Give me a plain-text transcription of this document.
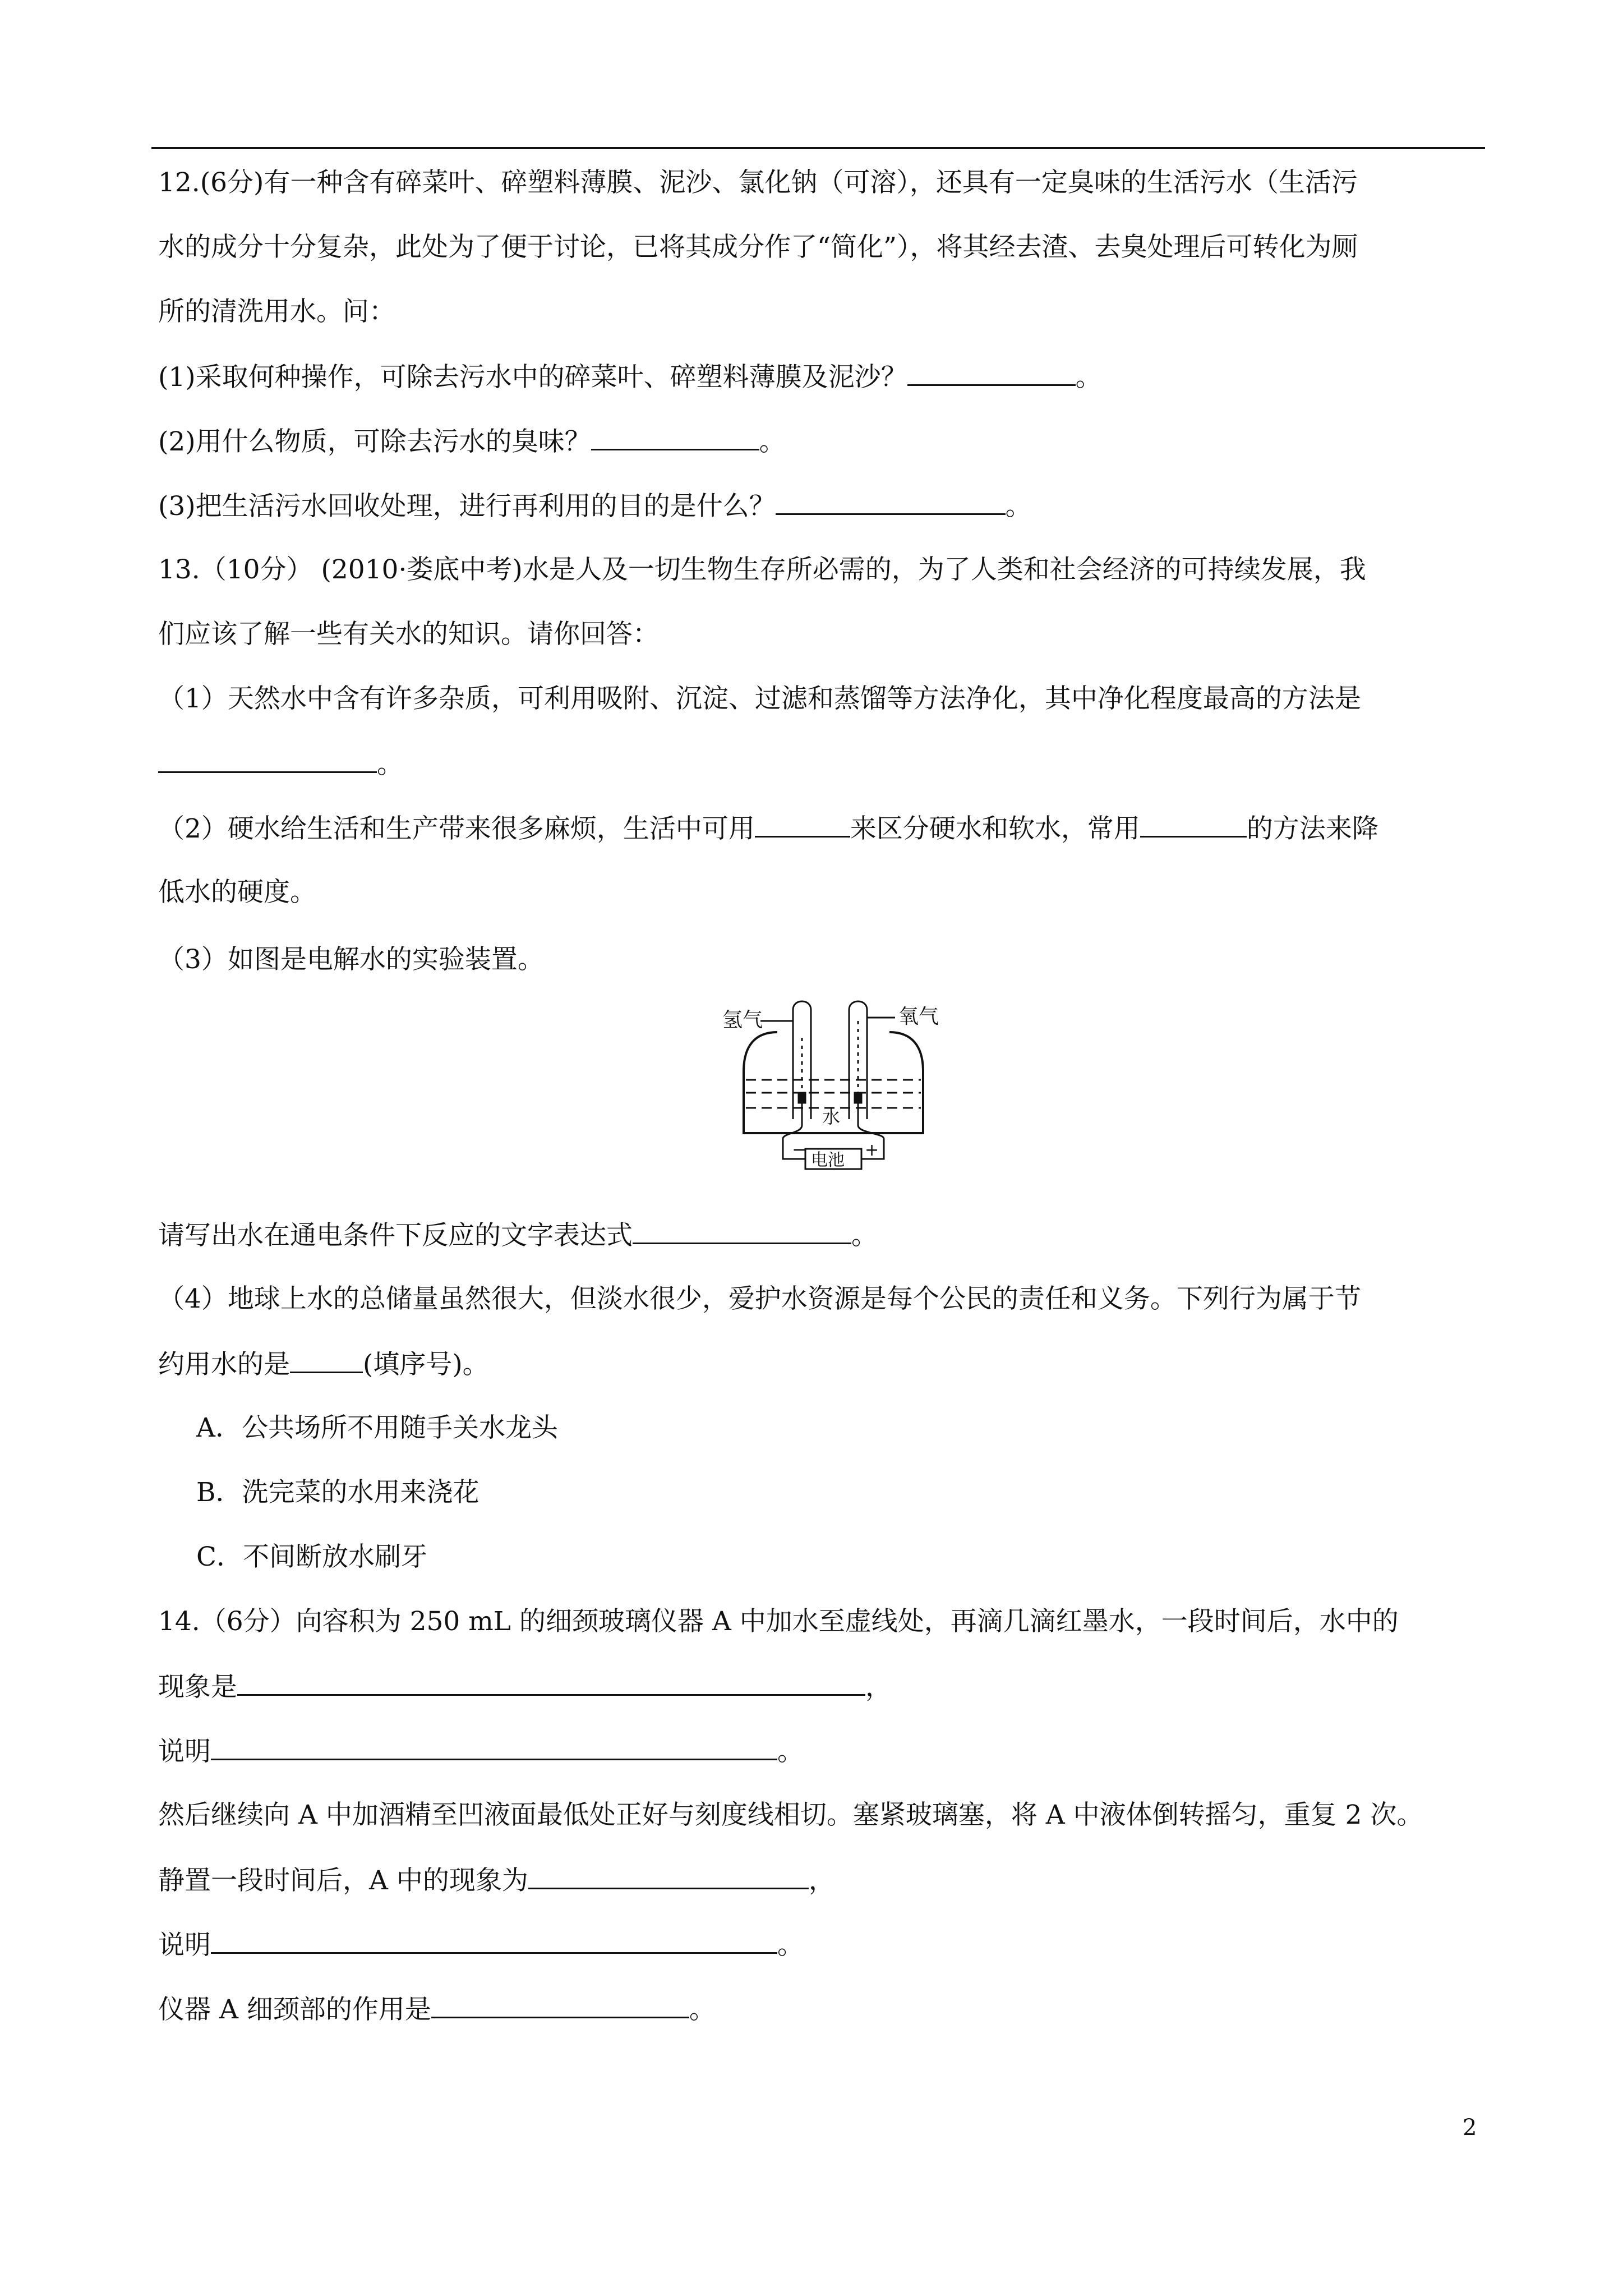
12.(6分)有一种含有碎菜叶、碎塑料薄膜、泥沙、氯化钠（可溶），还具有一定臭味的生活污水（生活污
水的成分十分复杂，此处为了便于讨论，已将其成分作了“简化”），将其经去渣、去臭处理后可转化为厕
所的清洗用水。问：
(1)采取何种操作，可除去污水中的碎菜叶、碎塑料薄膜及泥沙？	。
(2)用什么物质，可除去污水的臭味？	。
(3)把生活污水回收处理，进行再利用的目的是什么？	。
13.（10分） (2010·娄底中考)水是人及一切生物生存所必需的，为了人类和社会经济的可持续发展，我
们应该了解一些有关水的知识。请你回答：
（1）天然水中含有许多杂质，可利用吸附、沉淀、过滤和蒸馏等方法净化，其中净化程度最高的方法是
。
（2）硬水给生活和生产带来很多麻烦，生活中可用	来区分硬水和软水，常用	的方法来降
低水的硬度。
（3）如图是电解水的实验装置。
氢气	氧气
水
电池
−	+
请写出水在通电条件下反应的文字表达式	。
（4）地球上水的总储量虽然很大，但淡水很少，爱护水资源是每个公民的责任和义务。下列行为属于节
约用水的是	(填序号)。
A．公共场所不用随手关水龙头
B．洗完菜的水用来浇花
C．不间断放水刷牙
14.（6分）向容积为 250 mL 的细颈玻璃仪器 A 中加水至虚线处，再滴几滴红墨水，一段时间后，水中的
现象是	，
说明	。
然后继续向 A 中加酒精至凹液面最低处正好与刻度线相切。塞紧玻璃塞，将 A 中液体倒转摇匀，重复 2 次。
静置一段时间后，A 中的现象为	，
说明	。
仪器 A 细颈部的作用是	。
2
